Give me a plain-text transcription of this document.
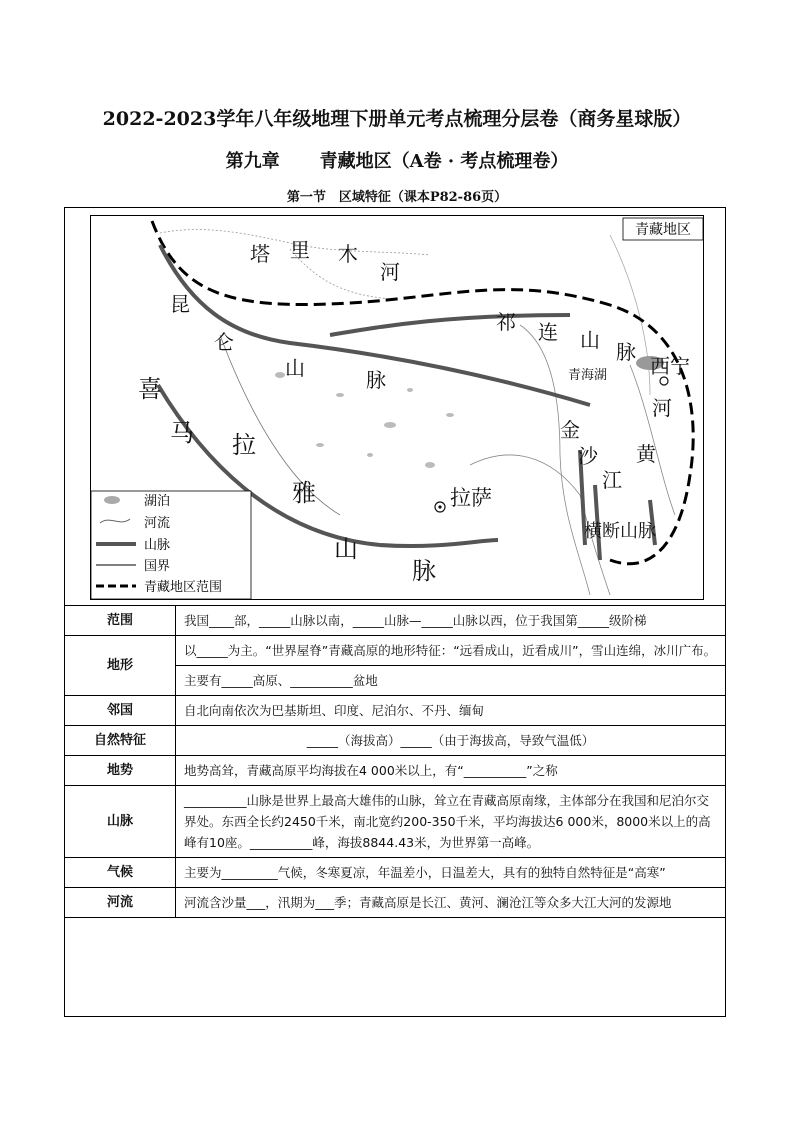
2022-2023学年八年级地理下册单元考点梳理分层卷（商务星球版）
第九章 青藏地区（A卷 · 考点梳理卷）
第一节　区域特征（课本P82-86页）
青藏地区
塔 里 木
河
昆
仑
山	脉
祁 连 山 脉
青海湖 西宁
河
金
沙
江
黄
喜
马 拉
雅
山
脉
拉萨
横断山脉
湖泊
河流
山脉
国界
青藏地区范围
范围	我国____部，_____山脉以南，_____山脉—_____山脉以西，位于我国第_____级阶梯
地形	以_____为主。“世界屋脊”青藏高原的地形特征：“远看成山，近看成川”，雪山连绵，冰川广布。
	主要有_____高原、__________盆地
邻国	自北向南依次为巴基斯坦、印度、尼泊尔、不丹、缅甸
自然特征	_____（海拔高）_____（由于海拔高，导致气温低）
地势	地势高耸，青藏高原平均海拔在4 000米以上，有“__________”之称
山脉	__________山脉是世界上最高大雄伟的山脉，耸立在青藏高原南缘，主体部分在我国和尼泊尔交界处。东西全长约2450千米，南北宽约200-350千米，平均海拔达6 000米，8000米以上的高峰有10座。__________峰，海拔8844.43米，为世界第一高峰。
气候	主要为_________气候，冬寒夏凉，年温差小，日温差大，具有的独特自然特征是“高寒”
河流	河流含沙量___，汛期为___季；青藏高原是长江、黄河、澜沧江等众多大江大河的发源地
